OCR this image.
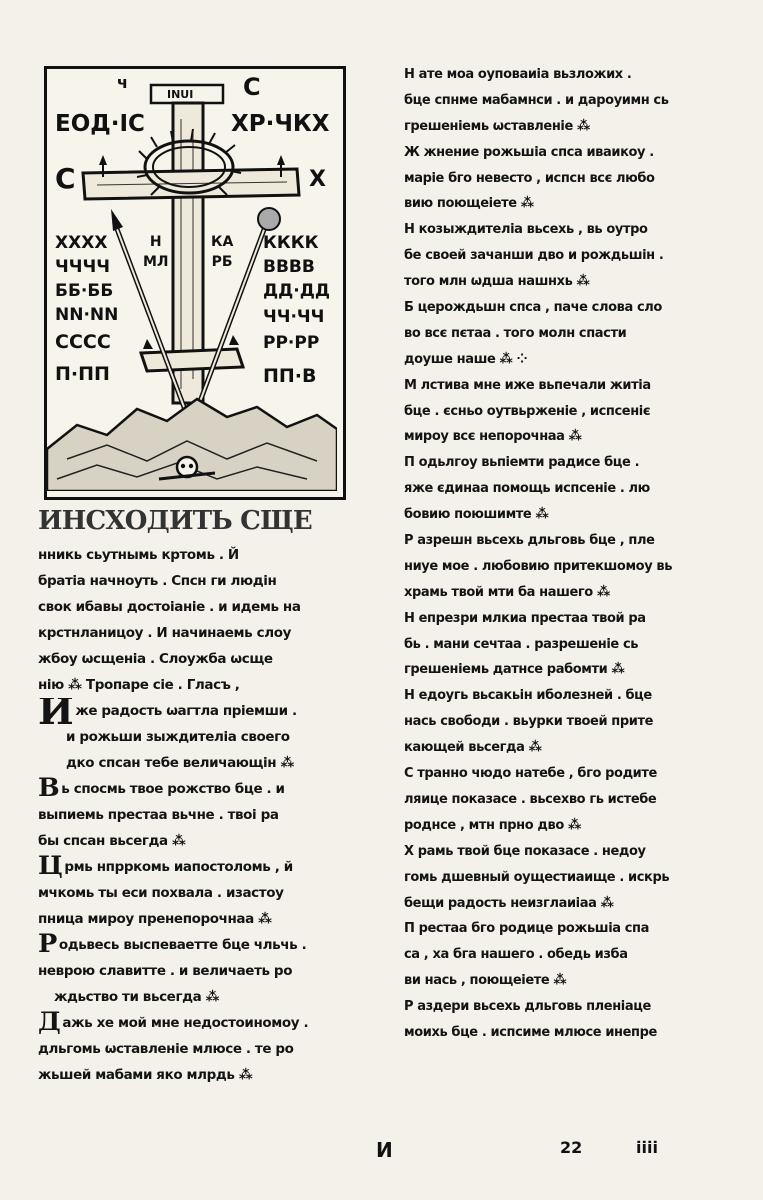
INUI
ч
ЕОД·ІС
С
ХР·ЧКХ
С	Х
ХХХХ
ЧЧЧЧ
ББ·ББ
NN·NN
СССС
П·ПП
Н
МЛ
КА
РБ
КККК
ВВВВ
ДД·ДД
ЧЧ·ЧЧ
РР·РР
ПП·В
ИНСХОДИТЬ СЩЕ
нникь сьутнымь кртомь . Й
братіа начноуть . Спсн ги людін
свок ибавы достоіаніе . и идемь на
крстнланицоу . И начинаемь слоу
жбоу ωсщеніа . Слоужба ωсще
нію ⁂ Тропаре сіе . Гласъ ,
Иже радость ωагтла пріемши .
и рожьши зыждителіа своего
дко спсан тебе величающін ⁂
Вь спосмь твое рожство бце . и
выпиемь престаа вьчне . твоі ра
бы спсан вьсегда ⁂
Црмь нпрркомь иапостоломь , й
мчкомь ты еси похвала . изастоу
пница мироу пренепорочнаа ⁂
Родьвесь выспеваетте бце чльчь .
неврою славитте . и величаеть ро
ждьство ти вьсегда ⁂
Дажь хе мой мне недостоиномоу .
дльгомь ωставленіе млюсе . те ро
жьшей мабами яко млрдь ⁂
Н ате моа оуповаиіа вьзложих .
бце спнме мабамнси . и дароуимн сь
грешеніемь ωставленіе ⁂
Ж жнение рожьшіа спса иваикоу .
маріе бго невесто , испсн всє любо
вию поющеіете ⁂
Н козыждителіа вьсехь , вь оутро
бе своей зачанши дво и рождьшін .
того млн ωдша нашнхь ⁂
Б церождьшн спса , паче слова сло
во всє пєтаа . того молн спасти
доуше наше ⁂ ⁘
М лстива мне иже вьпечали житіа
бце . єсньо оутвьрженіе , испсеніє
мироу всє непорочнаа ⁂
П одьлгоу вьпіемти радисе бце .
яже єдинаа помощь испсеніе . лю
бовию поюшимте ⁂
Р азрешн вьсехь дльговь бце , пле
ниуе мое . любовию притекшомоу вь
храмь твой мти ба нашего ⁂
Н епрезри млкиа престаа твой ра
бь . мани сечтаа . разрешеніе сь
грешеніемь датнсе рабомти ⁂
Н едоугь вьсакьін иболезней . бце
нась свободи . вьурки твоей прите
кающей вьсегда ⁂
С транно чюдо натебе , бго родите
ляице показасе . вьсехво гь истебе
роднсе , мтн прно дво ⁂
Х рамь твой бце показасе . недоу
гомь дшевный оущестиаище . искрь
бещи радость неизглаиіаа ⁂
П рестаа бго родице рожьшіа спа
са , ха бга нашего . обедь изба
ви нась , поющеіете ⁂
Р аздери вьсехь дльговь пленіаце
моихь бце . испсиме млюсе инепре
И	22	іііі
